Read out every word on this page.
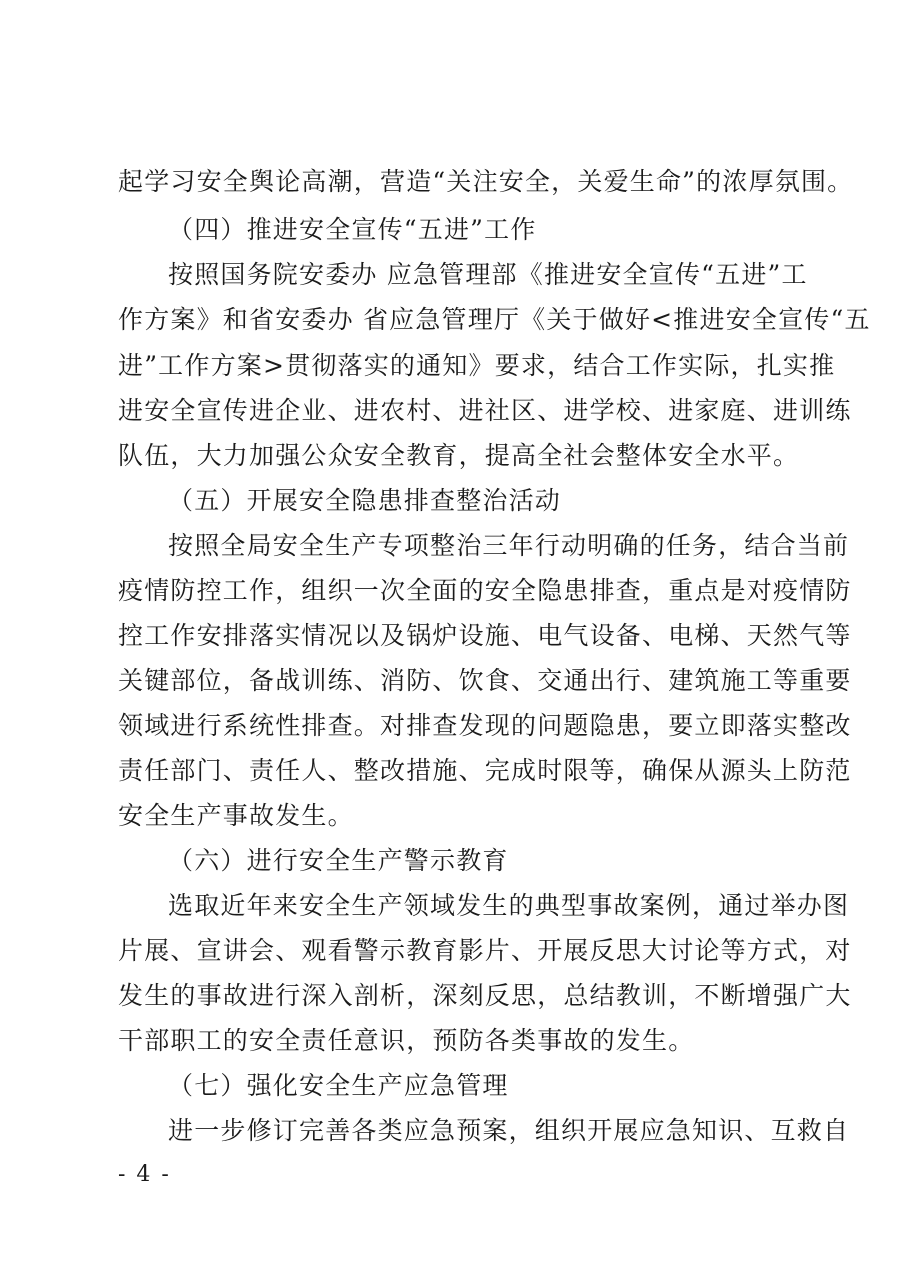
起学习安全舆论高潮，营造“关注安全，关爱生命”的浓厚氛围。
（四）推进安全宣传“五进”工作
按照国务院安委办 应急管理部《推进安全宣传“五进”工
作方案》和省安委办 省应急管理厅《关于做好<推进安全宣传“五
进”工作方案>贯彻落实的通知》要求，结合工作实际，扎实推
进安全宣传进企业、进农村、进社区、进学校、进家庭、进训练
队伍，大力加强公众安全教育，提高全社会整体安全水平。
（五）开展安全隐患排查整治活动
按照全局安全生产专项整治三年行动明确的任务，结合当前
疫情防控工作，组织一次全面的安全隐患排查，重点是对疫情防
控工作安排落实情况以及锅炉设施、电气设备、电梯、天然气等
关键部位，备战训练、消防、饮食、交通出行、建筑施工等重要
领域进行系统性排查。对排查发现的问题隐患，要立即落实整改
责任部门、责任人、整改措施、完成时限等，确保从源头上防范
安全生产事故发生。
（六）进行安全生产警示教育
选取近年来安全生产领域发生的典型事故案例，通过举办图
片展、宣讲会、观看警示教育影片、开展反思大讨论等方式，对
发生的事故进行深入剖析，深刻反思，总结教训，不断增强广大
干部职工的安全责任意识，预防各类事故的发生。
（七）强化安全生产应急管理
进一步修订完善各类应急预案，组织开展应急知识、互救自
- 4 -
